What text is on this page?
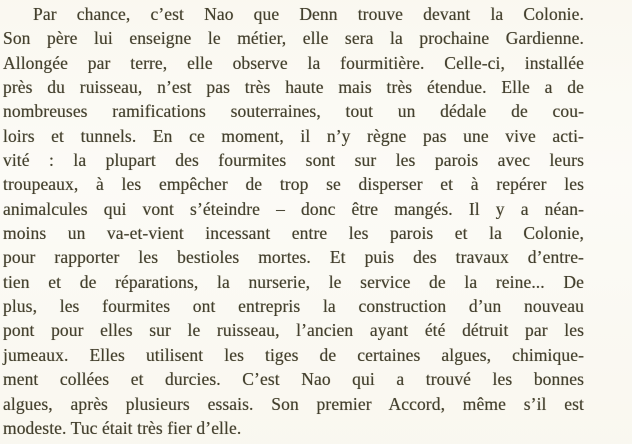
Par chance, c’est Nao que Denn trouve devant la Colonie.
Son père lui enseigne le métier, elle sera la prochaine Gardienne.
Allongée par terre, elle observe la fourmitière. Celle-ci, installée
près du ruisseau, n’est pas très haute mais très étendue. Elle a de
nombreuses ramifications souterraines, tout un dédale de cou-
loirs et tunnels. En ce moment, il n’y règne pas une vive acti-
vité : la plupart des fourmites sont sur les parois avec leurs
troupeaux, à les empêcher de trop se disperser et à repérer les
animalcules qui vont s’éteindre – donc être mangés. Il y a néan-
moins un va-et-vient incessant entre les parois et la Colonie,
pour rapporter les bestioles mortes. Et puis des travaux d’entre-
tien et de réparations, la nurserie, le service de la reine... De
plus, les fourmites ont entrepris la construction d’un nouveau
pont pour elles sur le ruisseau, l’ancien ayant été détruit par les
jumeaux. Elles utilisent les tiges de certaines algues, chimique-
ment collées et durcies. C’est Nao qui a trouvé les bonnes
algues, après plusieurs essais. Son premier Accord, même s’il est
modeste. Tuc était très fier d’elle.
